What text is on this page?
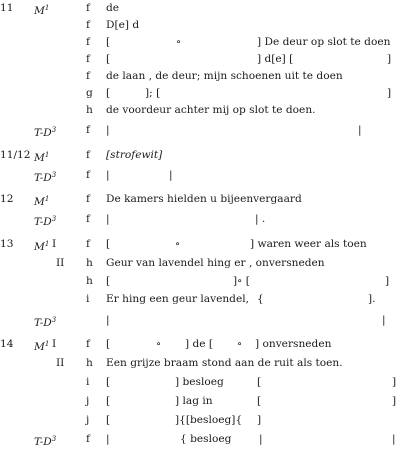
11 $M^1$	f de
f D[e] d
f [	∘	] De deur op slot te doen
f [	] d[e] [	]
f de laan , de deur; mijn schoenen uit te doen
g [	]; [	]
h de voordeur achter mij op slot te doen.
$T-D^3$	f |	|
11/12 $M^1$	f [strofewit]
$T-D^3$	f |	|
12 $M^1$	f De kamers hielden u bijeenvergaard
$T-D^3$	f |	| .
13 $M^1$ I	f [	∘	] waren weer als toen
II h Geur van lavendel hing er , onversneden
h [	]∘ [	]
i Er hing een geur lavendel, {	].
$T-D^3$	|	|
14 $M^1$ I	f [	∘ ] de [ ∘ ] onversneden
II h Een grijze braam stond aan de ruit als toen.
i [	] besloeg	[	]
j [	] lag in	[	]
j [	]{[besloeg]{ ]
$T-D^3$	f |	{ besloeg	|	|
